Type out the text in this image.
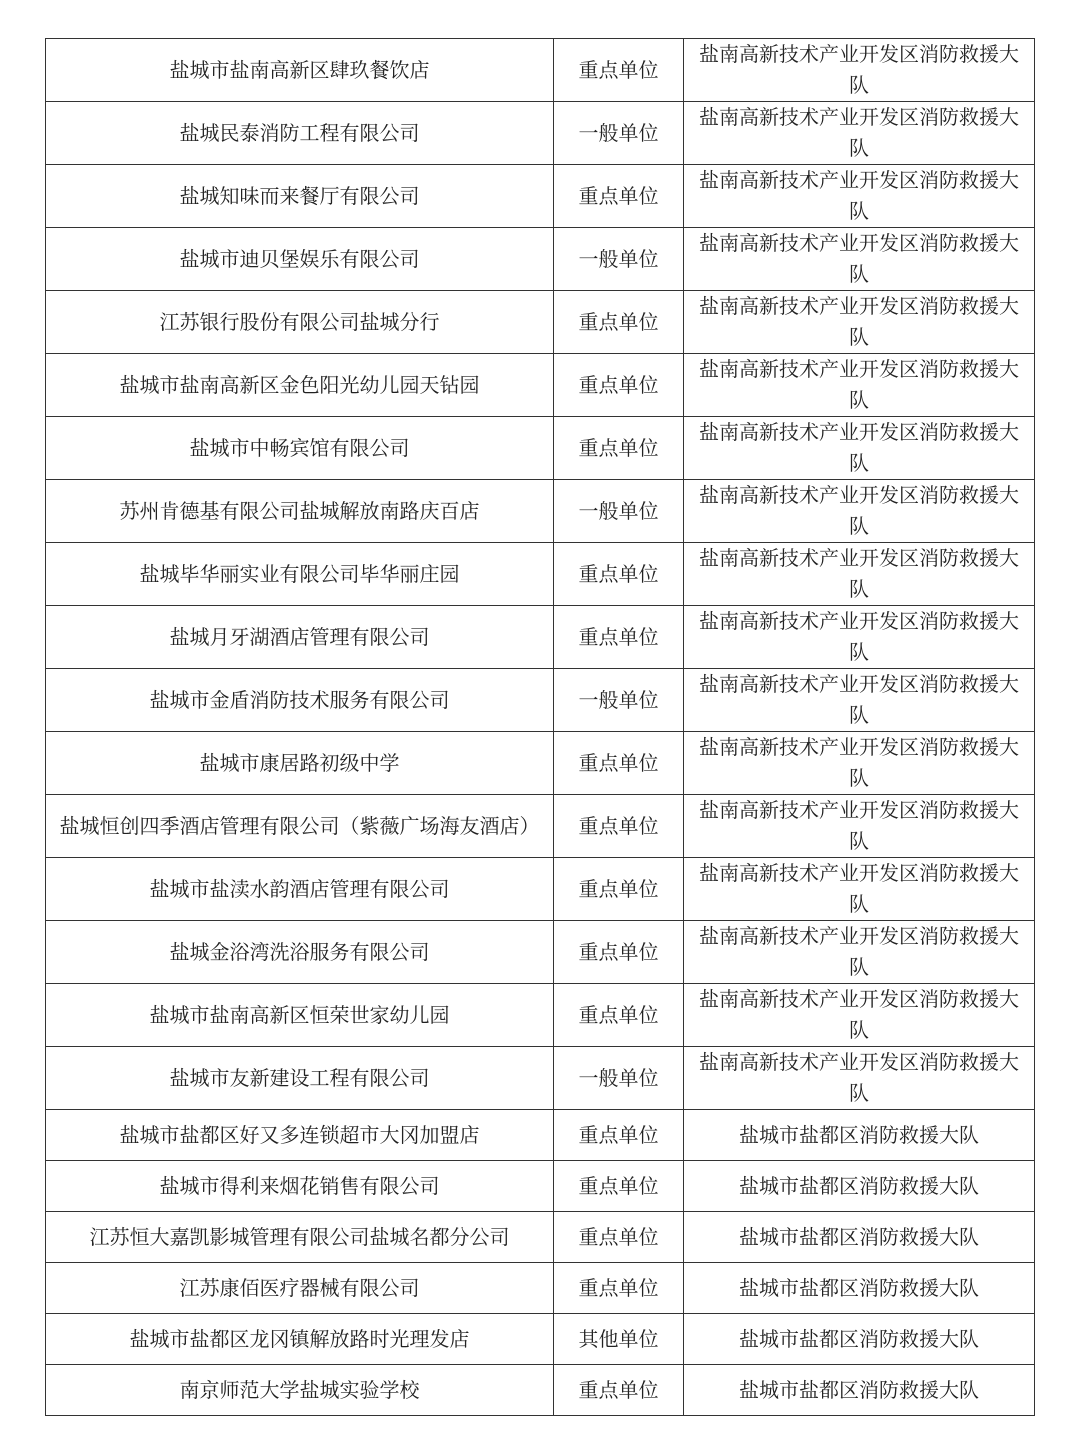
盐城市盐南高新区肆玖餐饮店	重点单位	盐南高新技术产业开发区消防救援大队
盐城民泰消防工程有限公司	一般单位	盐南高新技术产业开发区消防救援大队
盐城知味而来餐厅有限公司	重点单位	盐南高新技术产业开发区消防救援大队
盐城市迪贝堡娱乐有限公司	一般单位	盐南高新技术产业开发区消防救援大队
江苏银行股份有限公司盐城分行	重点单位	盐南高新技术产业开发区消防救援大队
盐城市盐南高新区金色阳光幼儿园天钻园	重点单位	盐南高新技术产业开发区消防救援大队
盐城市中畅宾馆有限公司	重点单位	盐南高新技术产业开发区消防救援大队
苏州肯德基有限公司盐城解放南路庆百店	一般单位	盐南高新技术产业开发区消防救援大队
盐城毕华丽实业有限公司毕华丽庄园	重点单位	盐南高新技术产业开发区消防救援大队
盐城月牙湖酒店管理有限公司	重点单位	盐南高新技术产业开发区消防救援大队
盐城市金盾消防技术服务有限公司	一般单位	盐南高新技术产业开发区消防救援大队
盐城市康居路初级中学	重点单位	盐南高新技术产业开发区消防救援大队
盐城恒创四季酒店管理有限公司（紫薇广场海友酒店）	重点单位	盐南高新技术产业开发区消防救援大队
盐城市盐渎水韵酒店管理有限公司	重点单位	盐南高新技术产业开发区消防救援大队
盐城金浴湾洗浴服务有限公司	重点单位	盐南高新技术产业开发区消防救援大队
盐城市盐南高新区恒荣世家幼儿园	重点单位	盐南高新技术产业开发区消防救援大队
盐城市友新建设工程有限公司	一般单位	盐南高新技术产业开发区消防救援大队
盐城市盐都区好又多连锁超市大冈加盟店	重点单位	盐城市盐都区消防救援大队
盐城市得利来烟花销售有限公司	重点单位	盐城市盐都区消防救援大队
江苏恒大嘉凯影城管理有限公司盐城名都分公司	重点单位	盐城市盐都区消防救援大队
江苏康佰医疗器械有限公司	重点单位	盐城市盐都区消防救援大队
盐城市盐都区龙冈镇解放路时光理发店	其他单位	盐城市盐都区消防救援大队
南京师范大学盐城实验学校	重点单位	盐城市盐都区消防救援大队
